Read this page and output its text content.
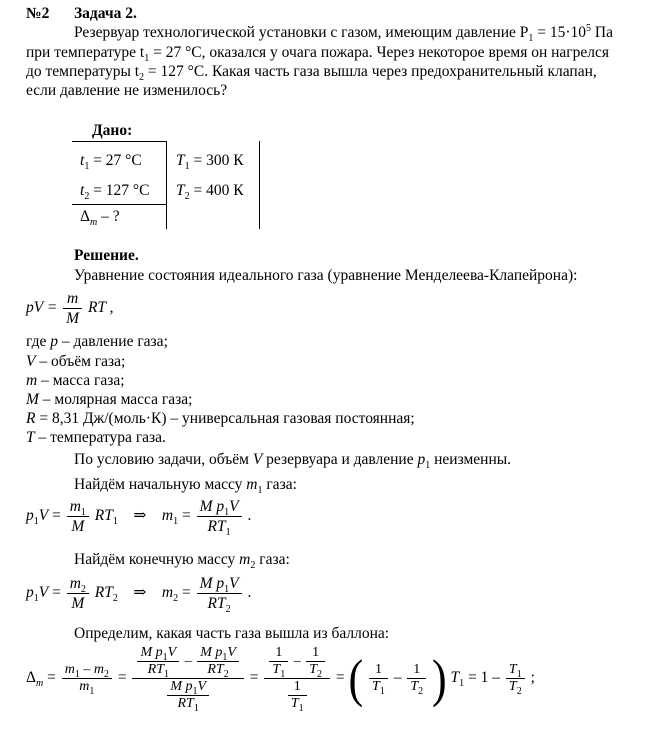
№2 Задача 2.
Резервуар технологической установки с газом, имеющим давление $P_1 = 15\cdot 10^5$ Па
при температуре $t_1 = 27$ °C, оказался у очага пожара. Через некоторое время он нагрелся
до температуры $t_2 = 127$ °C. Какая часть газа вышла через предохранительный клапан,
если давление не изменилось?
Дано:
$t_1 = 27$ °C
$t_2 = 127$ °C
$\Delta_m$ – ?
$T_1 = 300$ К
$T_2 = 400$ К
Решение.
Уравнение состояния идеального газа (уравнение Менделеева-Клапейрона):
pV = $\frac{m}{M}$ RT ,
где p – давление газа;
V – объём газа;
m – масса газа;
M – молярная масса газа;
R = 8,31 Дж/(моль·К) – универсальная газовая постоянная;
T – температура газа.
По условию задачи, объём V резервуара и давление $p_1$ неизменны.
Найдём начальную массу $m_1$ газа:
$p_1V = \frac{m_1}{M} RT_1$ ⇒ $m_1 = \frac{M p_1V}{RT_1}$ .
Найдём конечную массу $m_2$ газа:
$p_1V = \frac{m_2}{M} RT_2$ ⇒ $m_2 = \frac{M p_1V}{RT_2}$ .
Определим, какая часть газа вышла из баллона:
$\Delta_m = \frac{m_1 - m_2}{m_1} = \frac{\frac{M p_1V}{RT_1} - \frac{M p_1V}{RT_2}}{\frac{M p_1V}{RT_1}} = \frac{\frac{1}{T_1} - \frac{1}{T_2}}{\frac{1}{T_1}}$ = ( $\frac{1}{T_1} - \frac{1}{T_2}$ ) $T_1 = 1 - \frac{T_1}{T_2}$ ;
